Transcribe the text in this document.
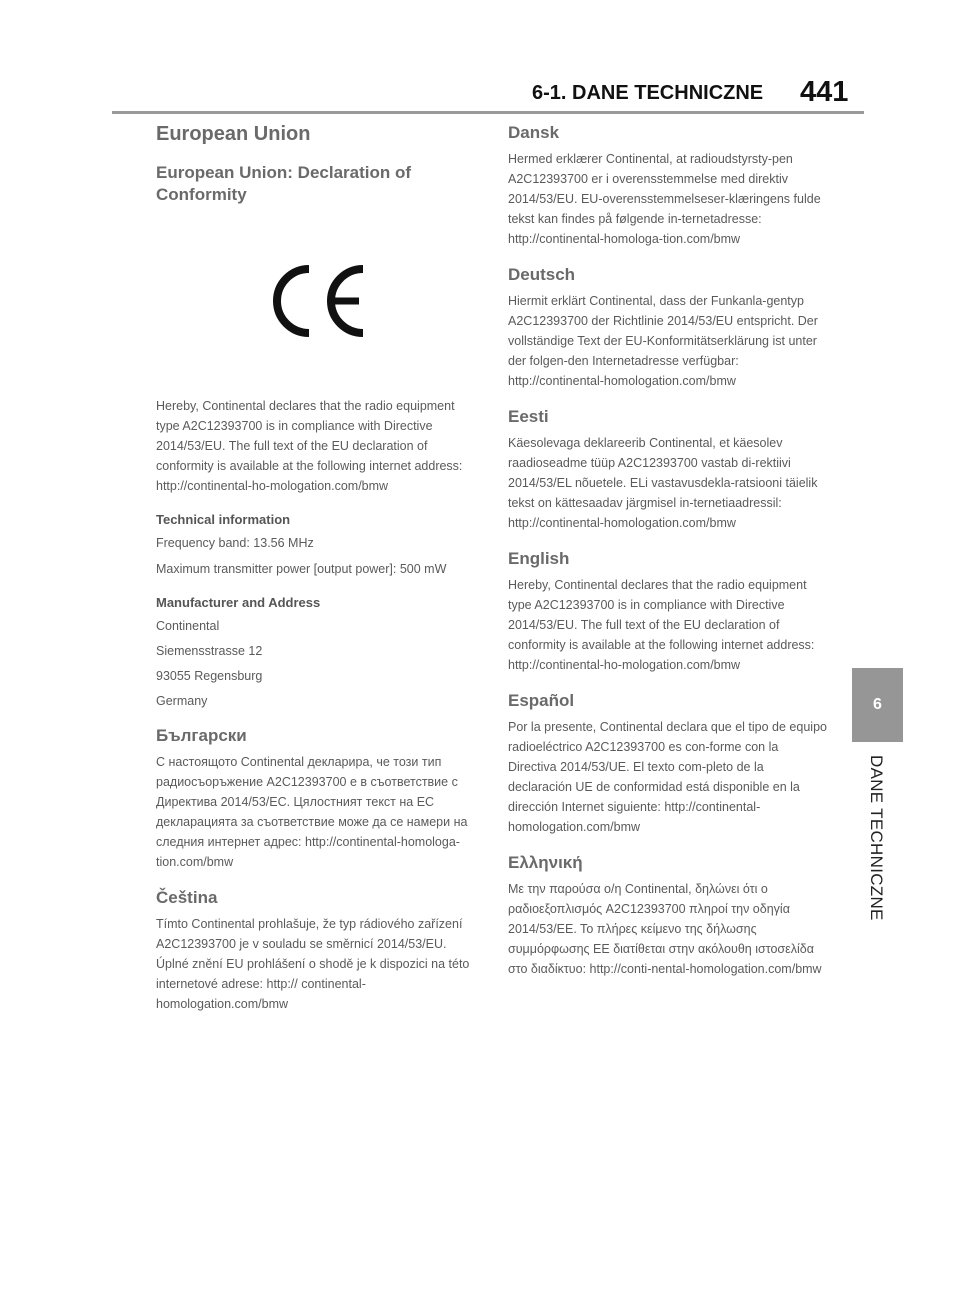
6-1. DANE TECHNICZNE 441
6
DANE TECHNICZNE
European Union
European Union: Declaration of Conformity

Hereby, Continental declares that the radio equipment type A2C12393700 is in compliance with Directive 2014/53/EU. The full text of the EU declaration of conformity is available at the following internet address: http://continental-ho-mologation.com/bmw

Technical information

Frequency band: 13.56 MHz

Maximum transmitter power [output power]: 500 mW

Manufacturer and Address

Continental

Siemensstrasse 12

93055 Regensburg

Germany

Български

С настоящото Continental декларира, че този тип радиосъоръжение A2C12393700 е в съответствие с Директива 2014/53/ЕС. Цялостният текст на ЕС декларацията за съответствие може да се намери на следния интернет адрес: http://continental-homologa-tion.com/bmw

Čeština

Tímto Continental prohlašuje, že typ rádiového zařízení A2C12393700 je v souladu se směrnicí 2014/53/EU. Úplné znění EU prohlášení o shodě je k dispozici na této internetové adrese: http:// continental-homologation.com/bmw

Dansk

Hermed erklærer Continental, at radioudstyrsty-pen A2C12393700 er i overensstemmelse med direktiv 2014/53/EU. EU-overensstemmelseser-klæringens fulde tekst kan findes på følgende in-ternetadresse: http://continental-homologa-tion.com/bmw

Deutsch

Hiermit erklärt Continental, dass der Funkanla-gentyp A2C12393700 der Richtlinie 2014/53/EU entspricht. Der vollständige Text der EU-Konformitätserklärung ist unter der folgen-den Internetadresse verfügbar: http://continental-homologation.com/bmw

Eesti

Käesolevaga deklareerib Continental, et käesolev raadioseadme tüüp A2C12393700 vastab di-rektiivi 2014/53/EL nõuetele. ELi vastavusdekla-ratsiooni täielik tekst on kättesaadav järgmisel in-ternetiaadressil: http://continental-homologation.com/bmw

English

Hereby, Continental declares that the radio equipment type A2C12393700 is in compliance with Directive 2014/53/EU. The full text of the EU declaration of conformity is available at the following internet address: http://continental-ho-mologation.com/bmw

Español

Por la presente, Continental declara que el tipo de equipo radioeléctrico A2C12393700 es con-forme con la Directiva 2014/53/UE. El texto com-pleto de la declaración UE de conformidad está disponible en la dirección Internet siguiente: http://continental-homologation.com/bmw

Ελληνική

Με την παρούσα ο/η Continental, δηλώνει ότι ο ραδιοεξοπλισμός A2C12393700 πληροί την οδηγία 2014/53/ΕΕ. Το πλήρες κείμενο της δήλωσης συμμόρφωσης ΕΕ διατίθεται στην ακόλουθη ιστοσελίδα στο διαδίκτυο: http://conti-nental-homologation.com/bmw
